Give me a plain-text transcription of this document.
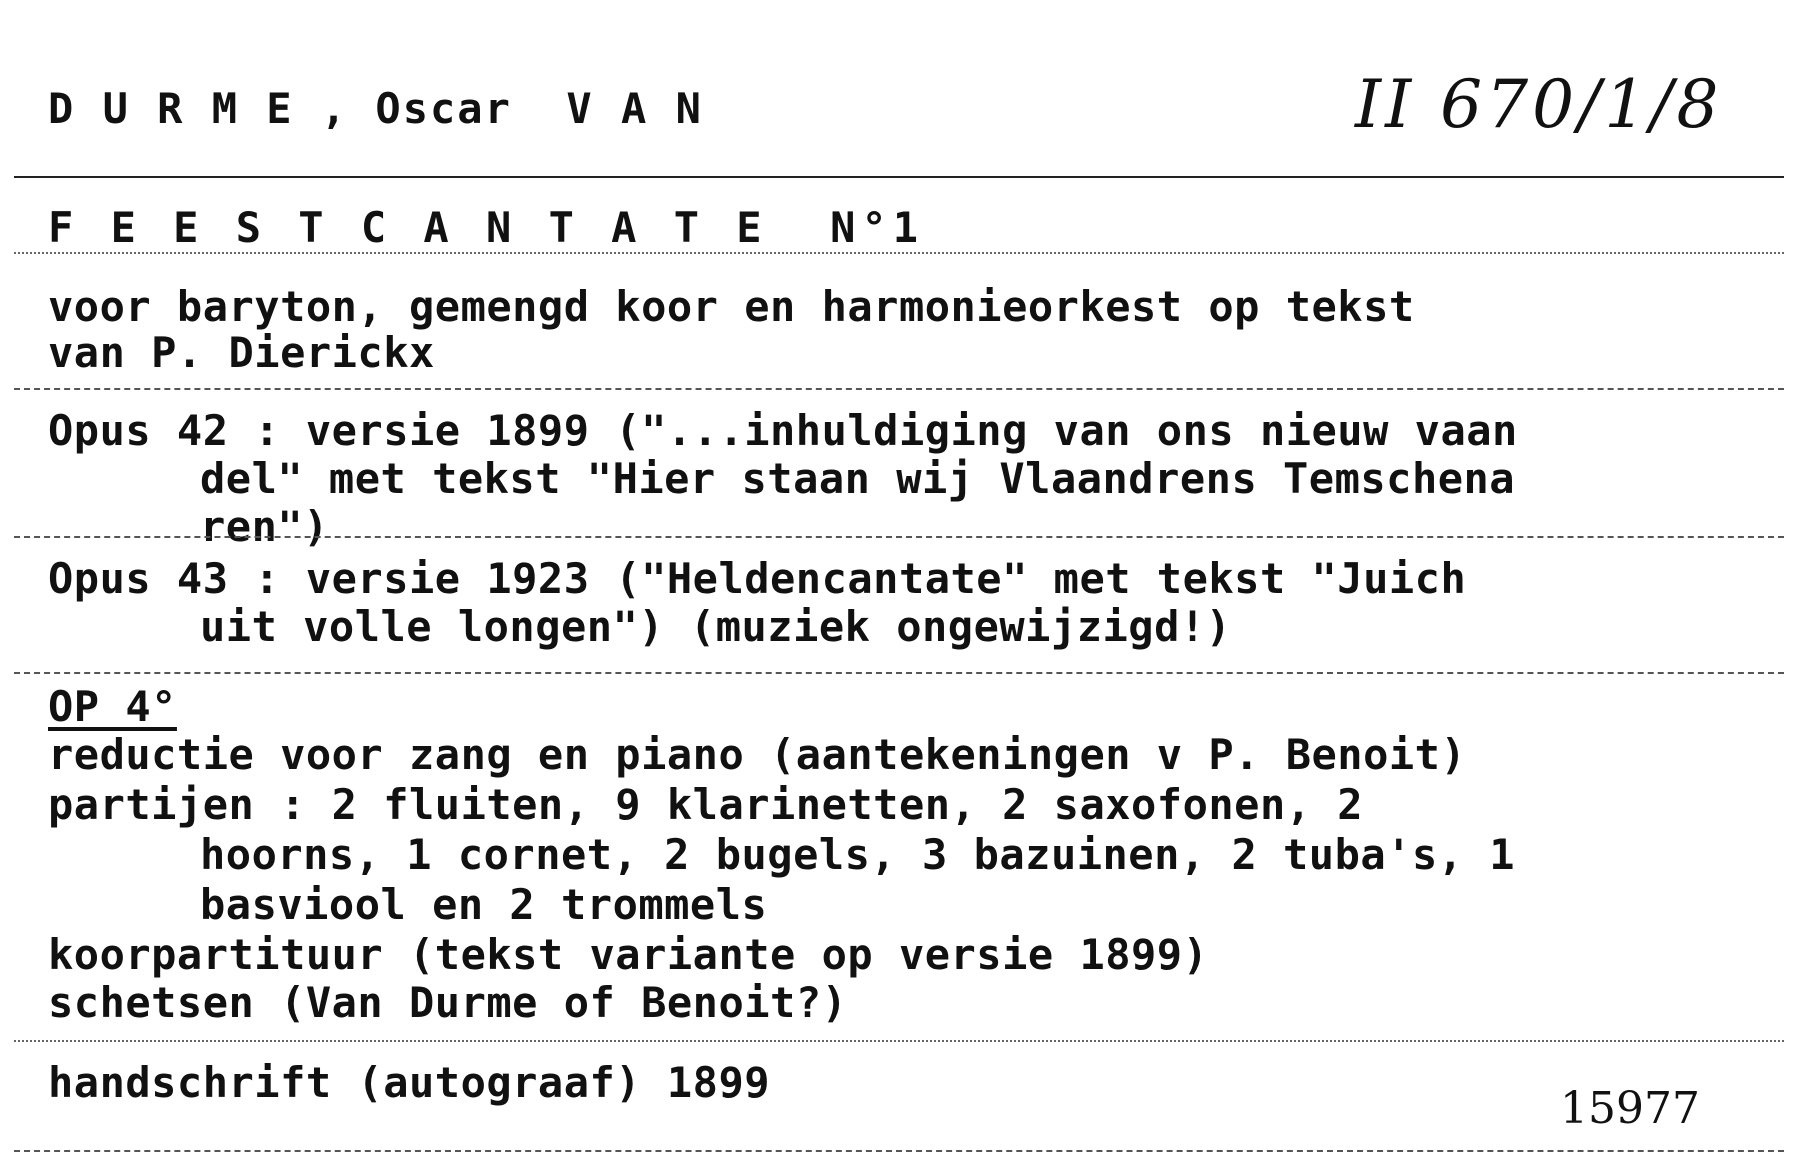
D U R M E , Oscar  V A N	II 670/1/8
F E E S T C A N T A T E  N°1
voor baryton, gemengd koor en harmonieorkest op tekst
van P. Dierickx
Opus 42 : versie 1899 ("...inhuldiging van ons nieuw vaan
del" met tekst "Hier staan wij Vlaandrens Temschena
ren")
Opus 43 : versie 1923 ("Heldencantate" met tekst "Juich
uit volle longen") (muziek ongewijzigd!)
OP 4°
reductie voor zang en piano (aantekeningen v P. Benoit)
partijen : 2 fluiten, 9 klarinetten, 2 saxofonen, 2
hoorns, 1 cornet, 2 bugels, 3 bazuinen, 2 tuba's, 1
basviool en 2 trommels
koorpartituur (tekst variante op versie 1899)
schetsen (Van Durme of Benoit?)
handschrift (autograaf) 1899
15977
